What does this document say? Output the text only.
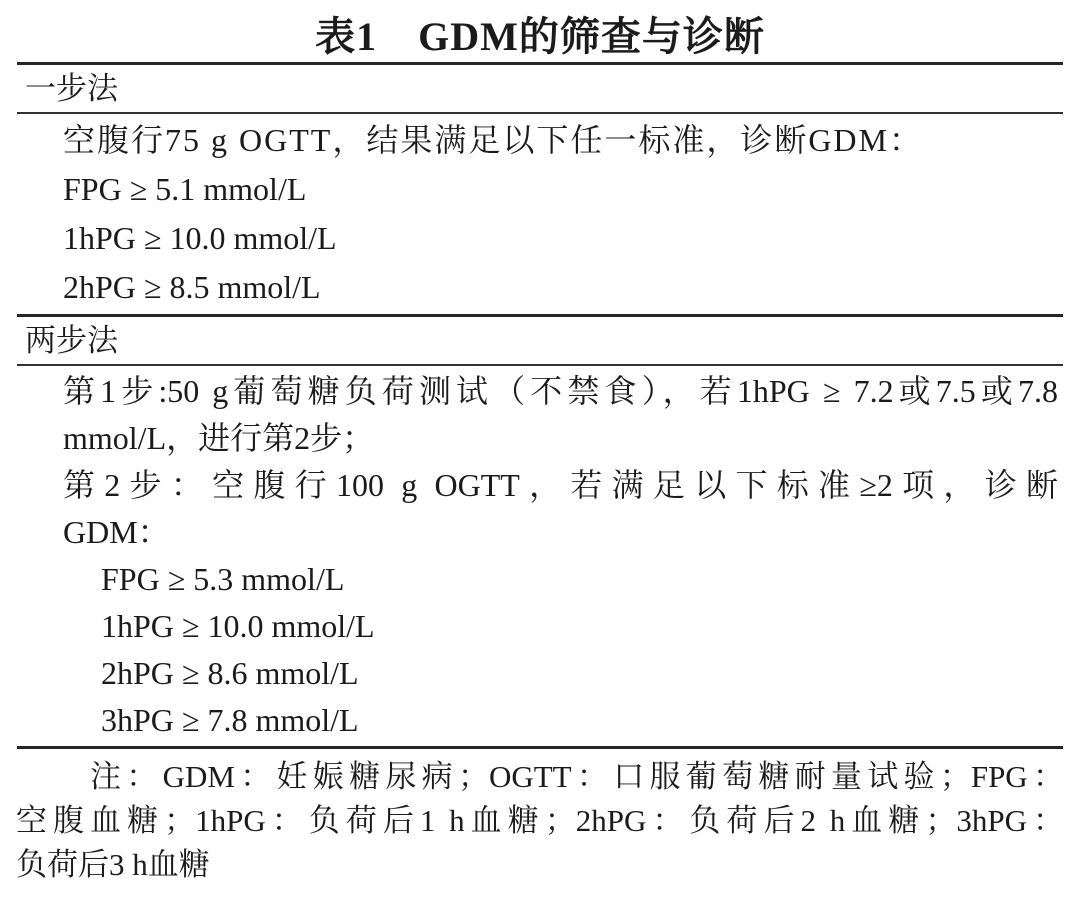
表1　GDM的筛查与诊断
一步法
空腹行75 g OGTT，结果满足以下任一标准，诊断GDM：
FPG ≥ 5.1 mmol/L
1hPG ≥ 10.0 mmol/L
2hPG ≥ 8.5 mmol/L
两步法
第1步:50 g葡萄糖负荷测试（不禁食），若1hPG ≥ 7.2或7.5或7.8
mmol/L，进行第2步；
第2步：空腹行100 g OGTT，若满足以下标准≥2项，诊断
GDM：
FPG ≥ 5.3 mmol/L
1hPG ≥ 10.0 mmol/L
2hPG ≥ 8.6 mmol/L
3hPG ≥ 7.8 mmol/L
注：GDM：妊娠糖尿病；OGTT：口服葡萄糖耐量试验；FPG：
空腹血糖；1hPG：负荷后1 h血糖；2hPG：负荷后2 h血糖；3hPG：
负荷后3 h血糖
